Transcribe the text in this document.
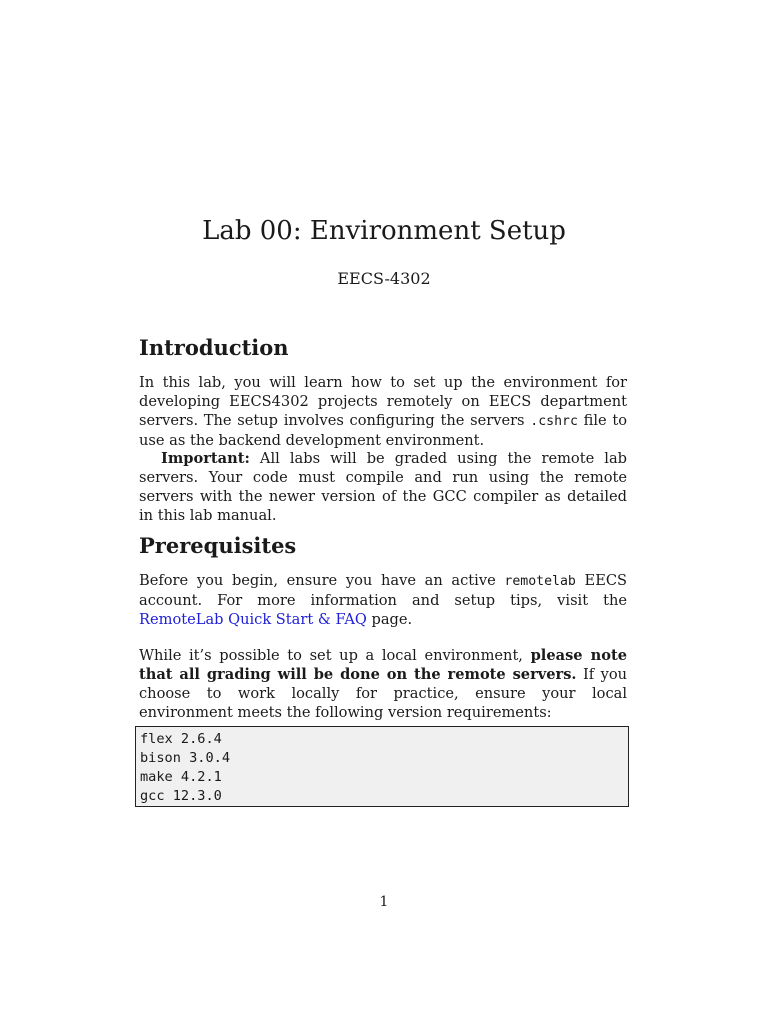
Lab 00: Environment Setup
EECS-4302
Introduction
In this lab, you will learn how to set up the environment for developing EECS4302 projects remotely on EECS department servers. The setup involves configuring the servers .cshrc file to use as the backend development environment.
Important: All labs will be graded using the remote lab servers. Your code must compile and run using the remote servers with the newer version of the GCC compiler as detailed in this lab manual.
Prerequisites
Before you begin, ensure you have an active remotelab EECS account. For more information and setup tips, visit the RemoteLab Quick Start & FAQ page.
While it’s possible to set up a local environment, please note that all grading will be done on the remote servers. If you choose to work locally for practice, ensure your local environment meets the following version requirements:
flex 2.6.4
bison 3.0.4
make 4.2.1
gcc 12.3.0
1
